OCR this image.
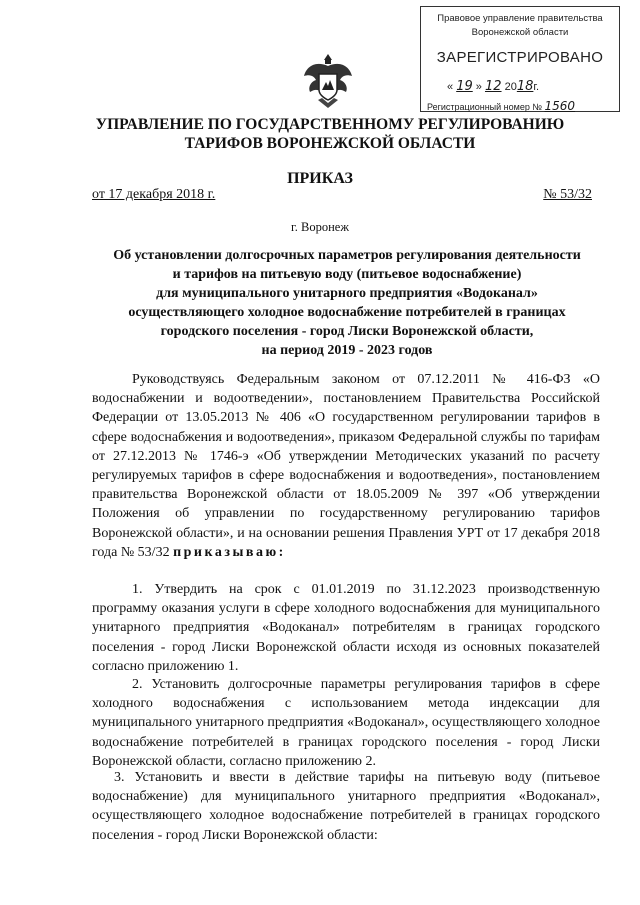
Правовое управление правительства
Воронежской области
ЗАРЕГИСТРИРОВАНО
« 19 » 12 2018г.
Регистрационный номер № 1560
УПРАВЛЕНИЕ ПО ГОСУДАРСТВЕННОМУ РЕГУЛИРОВАНИЮ
ТАРИФОВ ВОРОНЕЖСКОЙ ОБЛАСТИ
ПРИКАЗ
от 17 декабря 2018 г.	№ 53/32
г. Воронеж
Об установлении долгосрочных параметров регулирования деятельности
и тарифов на питьевую воду (питьевое водоснабжение)
для муниципального унитарного предприятия «Водоканал»
осуществляющего холодное водоснабжение потребителей в границах
городского поселения - город Лиски Воронежской области,
на период 2019 - 2023 годов

Руководствуясь Федеральным законом от 07.12.2011 № 416-ФЗ «О водоснабжении и водоотведении», постановлением Правительства Российской Федерации от 13.05.2013 № 406 «О государственном регулировании тарифов в сфере водоснабжения и водоотведения», приказом Федеральной службы по тарифам от 27.12.2013 № 1746-э «Об утверждении Методических указаний по расчету регулируемых тарифов в сфере водоснабжения и водоотведения», постановлением правительства Воронежской области от 18.05.2009 № 397 «Об утверждении Положения об управлении по государственному регулированию тарифов Воронежской области», и на основании решения Правления УРТ от 17 декабря 2018 года № 53/32 приказываю:

1. Утвердить на срок с 01.01.2019 по 31.12.2023 производственную программу оказания услуги в сфере холодного водоснабжения для муниципального унитарного предприятия «Водоканал» потребителям в границах городского поселения - город Лиски Воронежской области исходя из основных показателей согласно приложению 1.

2. Установить долгосрочные параметры регулирования тарифов в сфере холодного водоснабжения с использованием метода индексации для муниципального унитарного предприятия «Водоканал», осуществляющего холодное водоснабжение потребителей в границах городского поселения - город Лиски Воронежской области, согласно приложению 2.

3. Установить и ввести в действие тарифы на питьевую воду (питьевое водоснабжение) для муниципального унитарного предприятия «Водоканал», осуществляющего холодное водоснабжение потребителей в границах городского поселения - город Лиски Воронежской области:
